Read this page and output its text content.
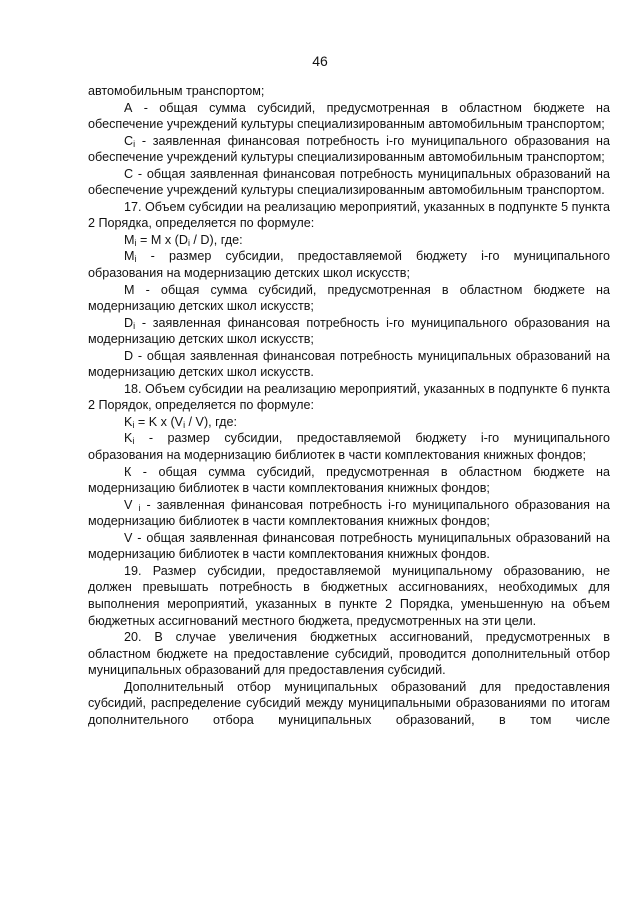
46

автомобильным транспортом;

А - общая сумма субсидий, предусмотренная в областном бюджете на обеспечение учреждений культуры специализированным автомобильным транспортом;

$C_i$ - заявленная финансовая потребность i-го муниципального образования на обеспечение учреждений культуры специализированным автомобильным транспортом;

С - общая заявленная финансовая потребность муниципальных образований на обеспечение учреждений культуры специализированным автомобильным транспортом.

17. Объем субсидии на реализацию мероприятий, указанных в подпункте 5 пункта 2 Порядка, определяется по формуле:

$M_i = M$ x $(D_i / D)$, где:

$M_i$ - размер субсидии, предоставляемой бюджету i-го муниципального образования на модернизацию детских школ искусств;

М - общая сумма субсидий, предусмотренная в областном бюджете на модернизацию детских школ искусств;

$D_i$ - заявленная финансовая потребность i-го муниципального образования на модернизацию детских школ искусств;

D - общая заявленная финансовая потребность муниципальных образований на модернизацию детских школ искусств.

18. Объем субсидии на реализацию мероприятий, указанных в подпункте 6 пункта 2 Порядок, определяется по формуле:

$K_i = K$ x $(V_i / V)$, где:

$K_i$ - размер субсидии, предоставляемой бюджету i-го муниципального образования на модернизацию библиотек в части комплектования книжных фондов;

К - общая сумма субсидий, предусмотренная в областном бюджете на модернизацию библиотек в части комплектования книжных фондов;

V $_i$ - заявленная финансовая потребность i-го муниципального образования на модернизацию библиотек в части комплектования книжных фондов;

V - общая заявленная финансовая потребность муниципальных образований на модернизацию библиотек в части комплектования книжных фондов.

19. Размер субсидии, предоставляемой муниципальному образованию, не должен превышать потребность в бюджетных ассигнованиях, необходимых для выполнения мероприятий, указанных в пункте 2 Порядка, уменьшенную на объем бюджетных ассигнований местного бюджета, предусмотренных на эти цели.

20. В случае увеличения бюджетных ассигнований, предусмотренных в областном бюджете на предоставление субсидий, проводится дополнительный отбор муниципальных образований для предоставления субсидий.

Дополнительный отбор муниципальных образований для предоставления субсидий, распределение субсидий между муниципальными образованиями по итогам дополнительного отбора муниципальных образований, в том числе
